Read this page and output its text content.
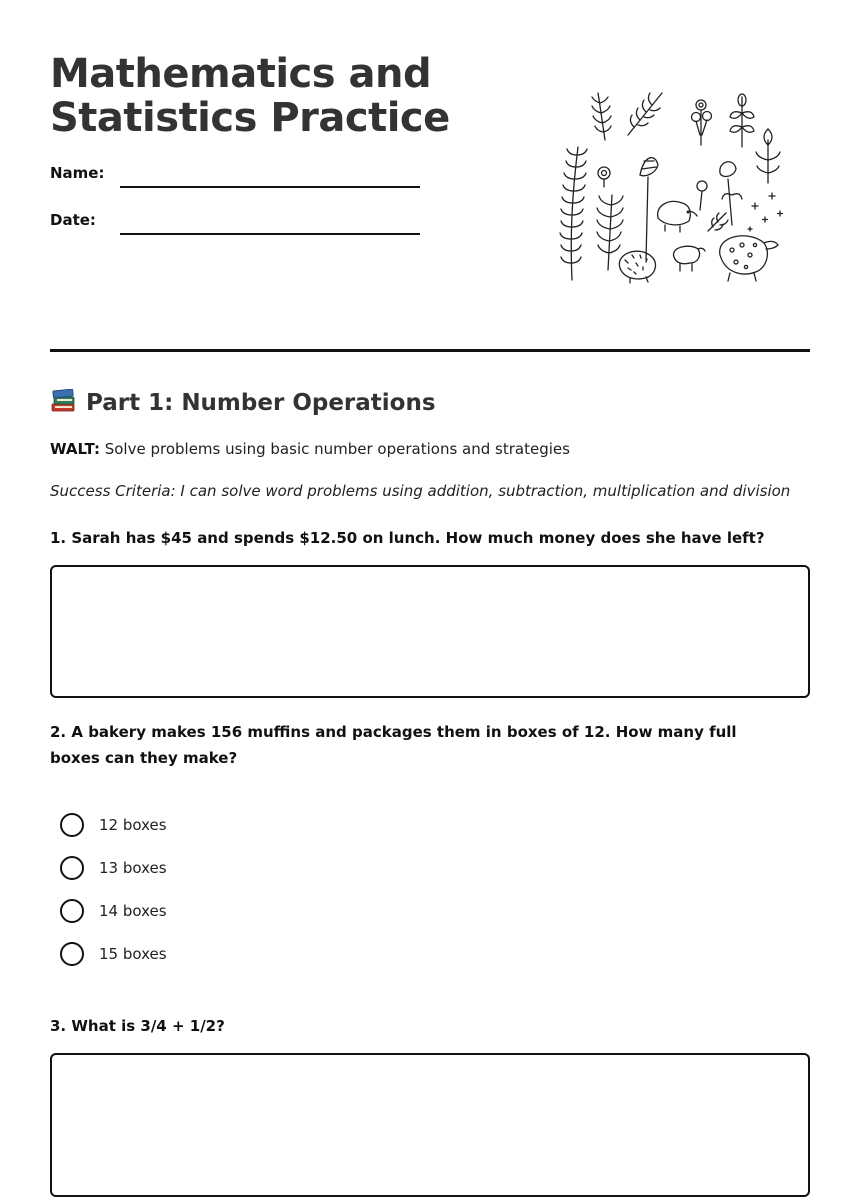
Mathematics and
Statistics Practice
Name:
Date:
Part 1: Number Operations
WALT: Solve problems using basic number operations and strategies
Success Criteria: I can solve word problems using addition, subtraction, multiplication and division

1. Sarah has $45 and spends $12.50 on lunch. How much money does she have left?

2. A bakery makes 156 muffins and packages them in boxes of 12. How many full boxes can they make?

12 boxes
13 boxes
14 boxes
15 boxes

3. What is 3/4 + 1/2?
